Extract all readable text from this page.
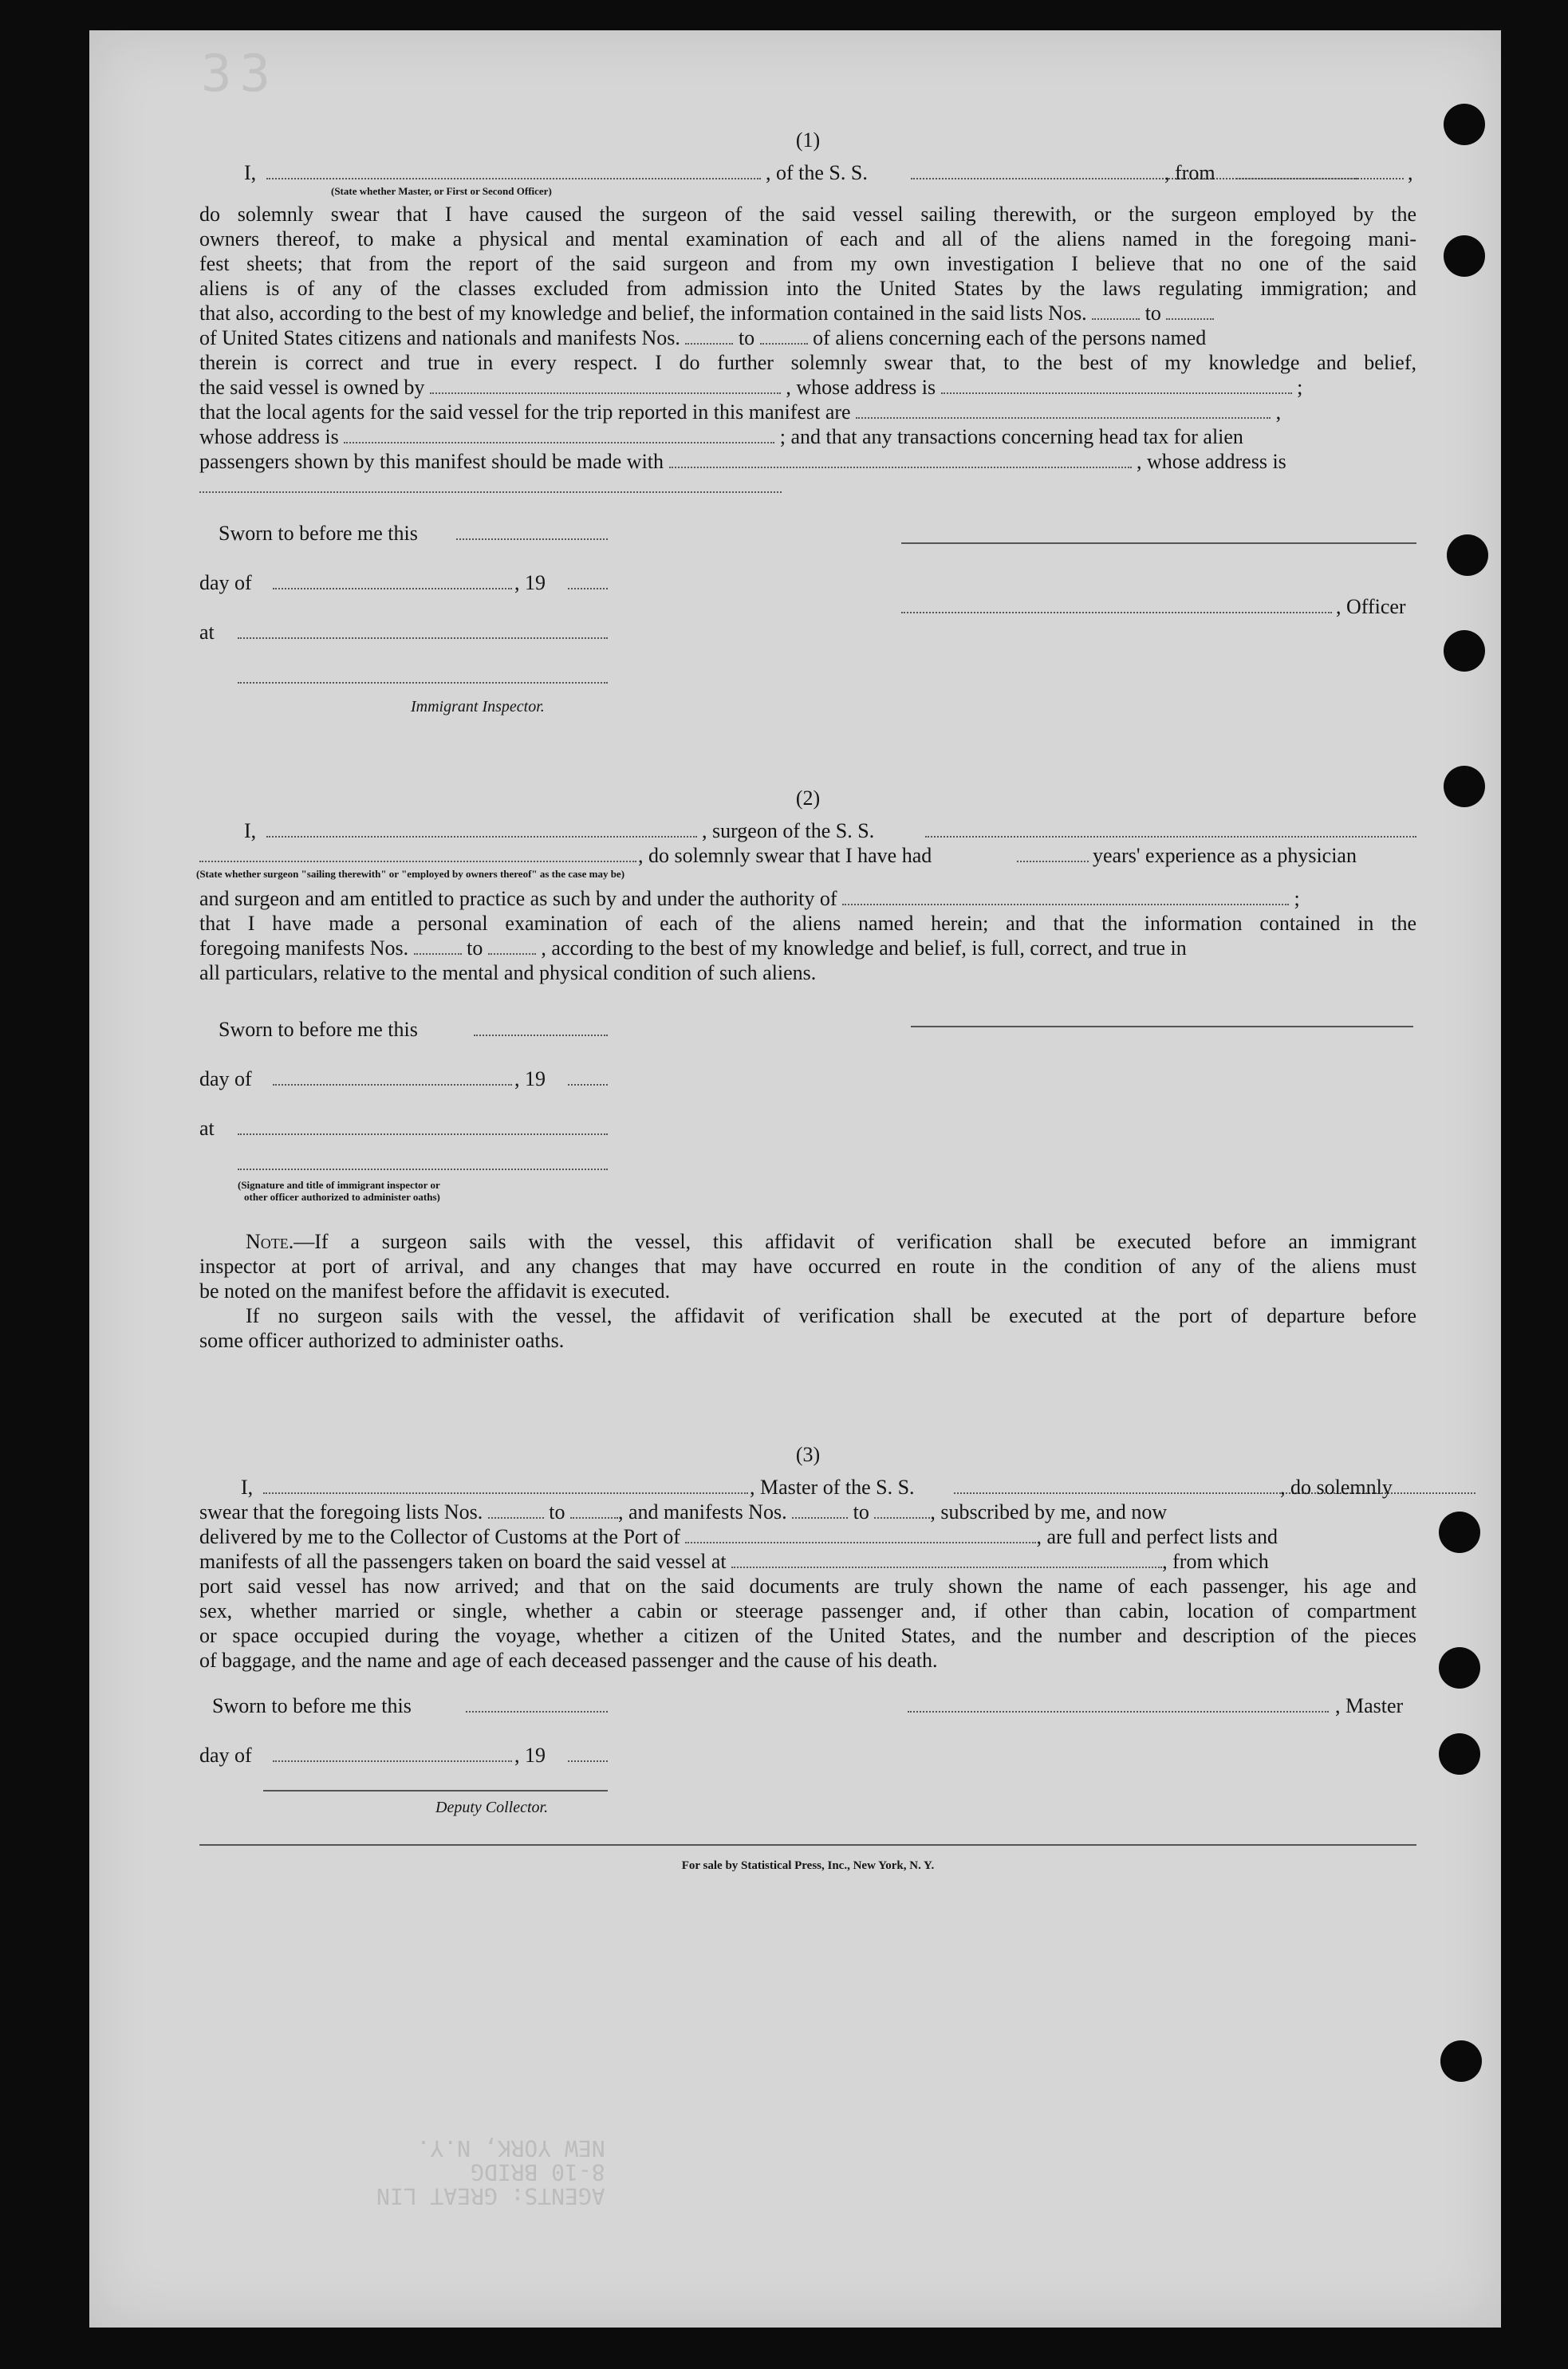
33
AGENTS: GREAT LIN
8-10 BRIDG
NEW YORK, N.Y.
(1)
I,	, of the S. S.	, from	,
(State whether Master, or First or Second Officer)
do solemnly swear that I have caused the surgeon of the said vessel sailing therewith, or the surgeon employed by the
owners thereof, to make a physical and mental examination of each and all of the aliens named in the foregoing mani-
fest sheets; that from the report of the said surgeon and from my own investigation I believe that no one of the said
aliens is of any of the classes excluded from admission into the United States by the laws regulating immigration; and
that also, according to the best of my knowledge and belief, the information contained in the said lists Nos.	to
of United States citizens and nationals and manifests Nos.	to	of aliens concerning each of the persons named
therein is correct and true in every respect. I do further solemnly swear that, to the best of my knowledge and belief,
the said vessel is owned by	, whose address is	;
that the local agents for the said vessel for the trip reported in this manifest are	,
whose address is	; and that any transactions concerning head tax for alien
passengers shown by this manifest should be made with	, whose address is
Sworn to before me this
day of	, 19
, Officer
at
Immigrant Inspector.
(2)
I,	, surgeon of the S. S.
, do solemnly swear that I have had	years' experience as a physician
(State whether surgeon "sailing therewith" or "employed by owners thereof" as the case may be)
and surgeon and am entitled to practice as such by and under the authority of	;
that I have made a personal examination of each of the aliens named herein; and that the information contained in the
foregoing manifests Nos.	to	, according to the best of my knowledge and belief, is full, correct, and true in
all particulars, relative to the mental and physical condition of such aliens.
Sworn to before me this
day of	, 19
at
(Signature and title of immigrant inspector or
other officer authorized to administer oaths)
Note.—If a surgeon sails with the vessel, this affidavit of verification shall be executed before an immigrant
inspector at port of arrival, and any changes that may have occurred en route in the condition of any of the aliens must
be noted on the manifest before the affidavit is executed.
If no surgeon sails with the vessel, the affidavit of verification shall be executed at the port of departure before
some officer authorized to administer oaths.
(3)
I,	, Master of the S. S.	, do solemnly
swear that the foregoing lists Nos.	to	, and manifests Nos.	to	, subscribed by me, and now
delivered by me to the Collector of Customs at the Port of	, are full and perfect lists and
manifests of all the passengers taken on board the said vessel at	, from which
port said vessel has now arrived; and that on the said documents are truly shown the name of each passenger, his age and
sex, whether married or single, whether a cabin or steerage passenger and, if other than cabin, location of compartment
or space occupied during the voyage, whether a citizen of the United States, and the number and description of the pieces
of baggage, and the name and age of each deceased passenger and the cause of his death.
Sworn to before me this	, Master
day of	, 19
Deputy Collector.
For sale by Statistical Press, Inc., New York, N. Y.
